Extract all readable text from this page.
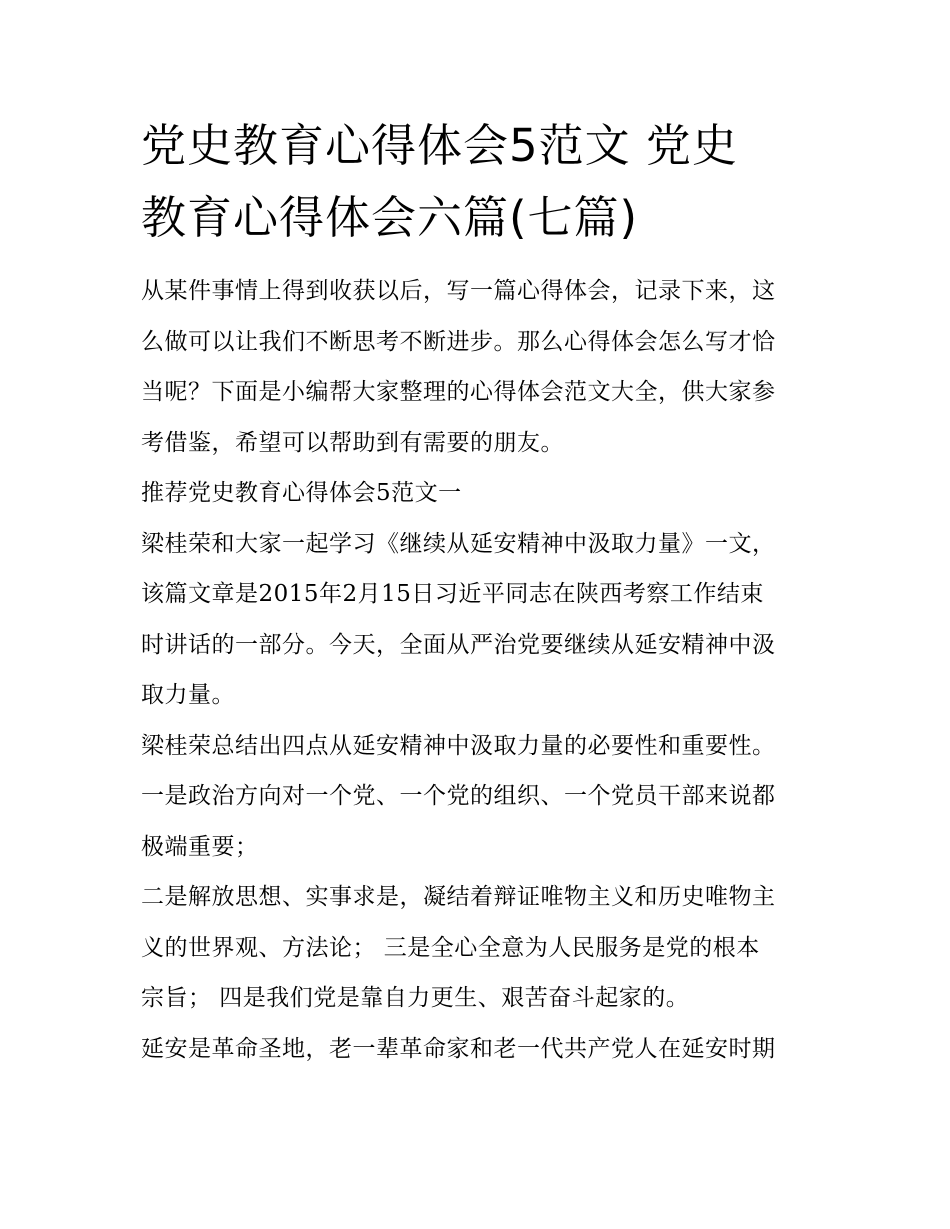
党史教育心得体会5范文 党史
教育心得体会六篇(七篇)

从某件事情上得到收获以后，写一篇心得体会，记录下来，这
么做可以让我们不断思考不断进步。那么心得体会怎么写才恰
当呢？下面是小编帮大家整理的心得体会范文大全，供大家参
考借鉴，希望可以帮助到有需要的朋友。

推荐党史教育心得体会5范文一

梁桂荣和大家一起学习《继续从延安精神中汲取力量》一文，
该篇文章是2015年2月15日习近平同志在陕西考察工作结束
时讲话的一部分。今天，全面从严治党要继续从延安精神中汲
取力量。

梁桂荣总结出四点从延安精神中汲取力量的必要性和重要性。
一是政治方向对一个党、一个党的组织、一个党员干部来说都
极端重要；

二是解放思想、实事求是，凝结着辩证唯物主义和历史唯物主
义的世界观、方法论； 三是全心全意为人民服务是党的根本
宗旨； 四是我们党是靠自力更生、艰苦奋斗起家的。

延安是革命圣地，老一辈革命家和老一代共产党人在延安时期
